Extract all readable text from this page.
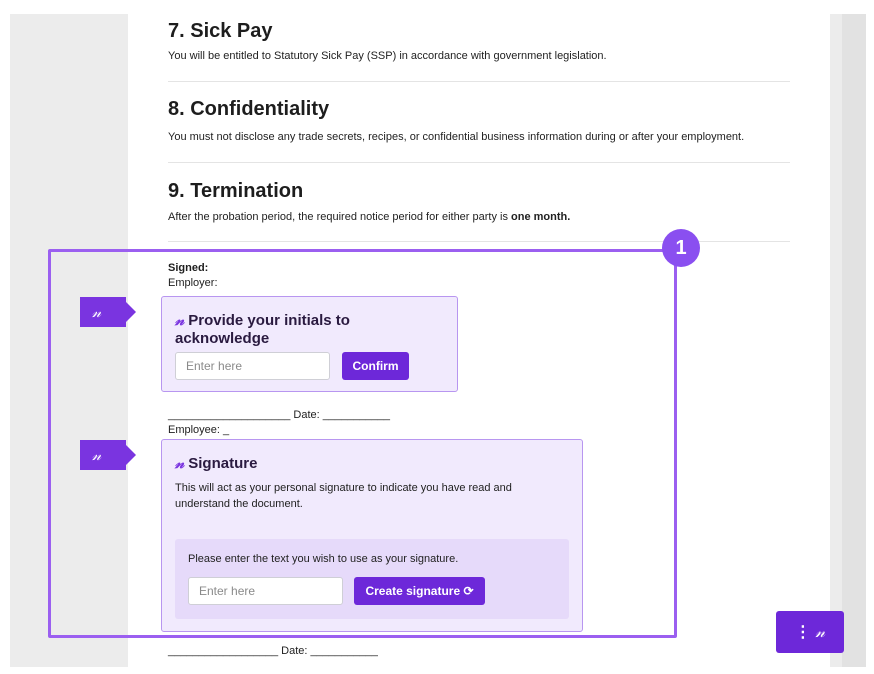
7. Sick Pay
You will be entitled to Statutory Sick Pay (SSP) in accordance with government legislation.
8. Confidentiality
You must not disclose any trade secrets, recipes, or confidential business information during or after your employment.
9. Termination
After the probation period, the required notice period for either party is one month.
1
Signed:
Employer:
𝓃
𝓃
𝓃 Provide your initials to acknowledge
Enter here	Confirm
____________________ Date: ___________
Employee: _
𝓃 Signature
This will act as your personal signature to indicate you have read and understand the document.
Please enter the text you wish to use as your signature.
Enter here	Create signature ⟳
__________________ Date: ___________
⋮ 𝓃
